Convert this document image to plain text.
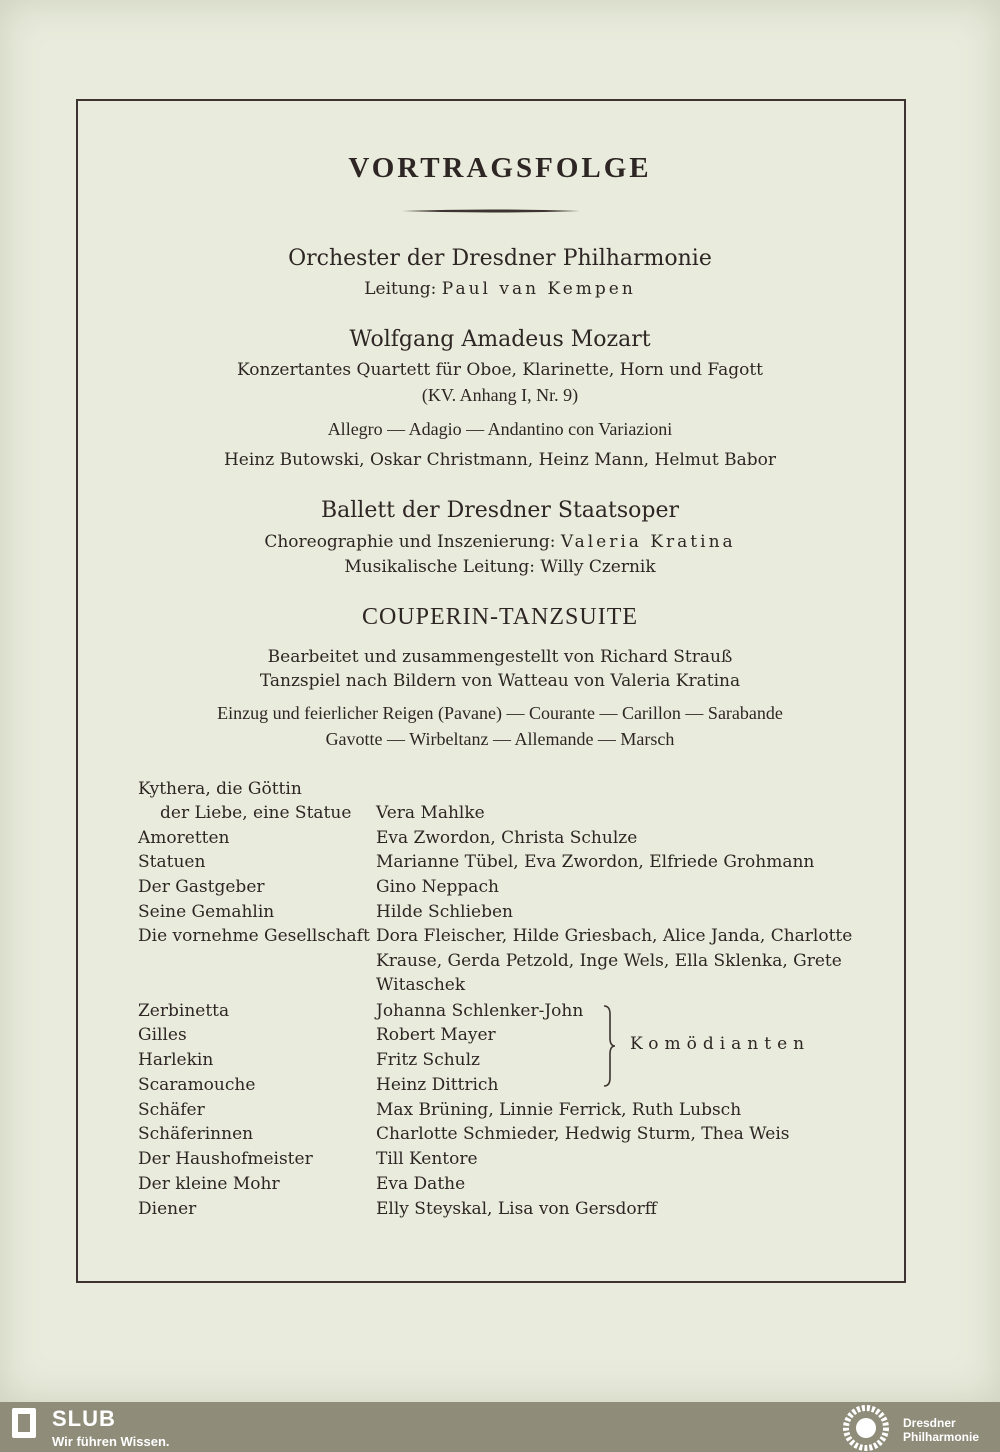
VORTRAGSFOLGE
Orchester der Dresdner Philharmonie
Leitung: Paul van Kempen
Wolfgang Amadeus Mozart
Konzertantes Quartett für Oboe, Klarinette, Horn und Fagott
(KV. Anhang I, Nr. 9)
Allegro — Adagio — Andantino con Variazioni
Heinz Butowski, Oskar Christmann, Heinz Mann, Helmut Babor
Ballett der Dresdner Staatsoper
Choreographie und Inszenierung: Valeria Kratina
Musikalische Leitung: Willy Czernik
COUPERIN-TANZSUITE
Bearbeitet und zusammengestellt von Richard Strauß
Tanzspiel nach Bildern von Watteau von Valeria Kratina
Einzug und feierlicher Reigen (Pavane) — Courante — Carillon — Sarabande
Gavotte — Wirbeltanz — Allemande — Marsch
Kythera, die Göttin
der Liebe, eine Statue Vera Mahlke
Amoretten	Eva Zwordon, Christa Schulze
Statuen	Marianne Tübel, Eva Zwordon, Elfriede Grohmann
Der Gastgeber	Gino Neppach
Seine Gemahlin	Hilde Schlieben
Die vornehme Gesellschaft Dora Fleischer, Hilde Griesbach, Alice Janda, Charlotte
Krause, Gerda Petzold, Inge Wels, Ella Sklenka, Grete
Witaschek
Zerbinetta	Johanna Schlenker-John
Gilles	Robert Mayer
Harlekin	Fritz Schulz
Scaramouche	Heinz Dittrich
Schäfer	Max Brüning, Linnie Ferrick, Ruth Lubsch
Schäferinnen	Charlotte Schmieder, Hedwig Sturm, Thea Weis
Der Haushofmeister	Till Kentore
Der kleine Mohr	Eva Dathe
Diener	Elly Steyskal, Lisa von Gersdorff
Komödianten
SLUB
Wir führen Wissen.
Dresdner
Philharmonie
